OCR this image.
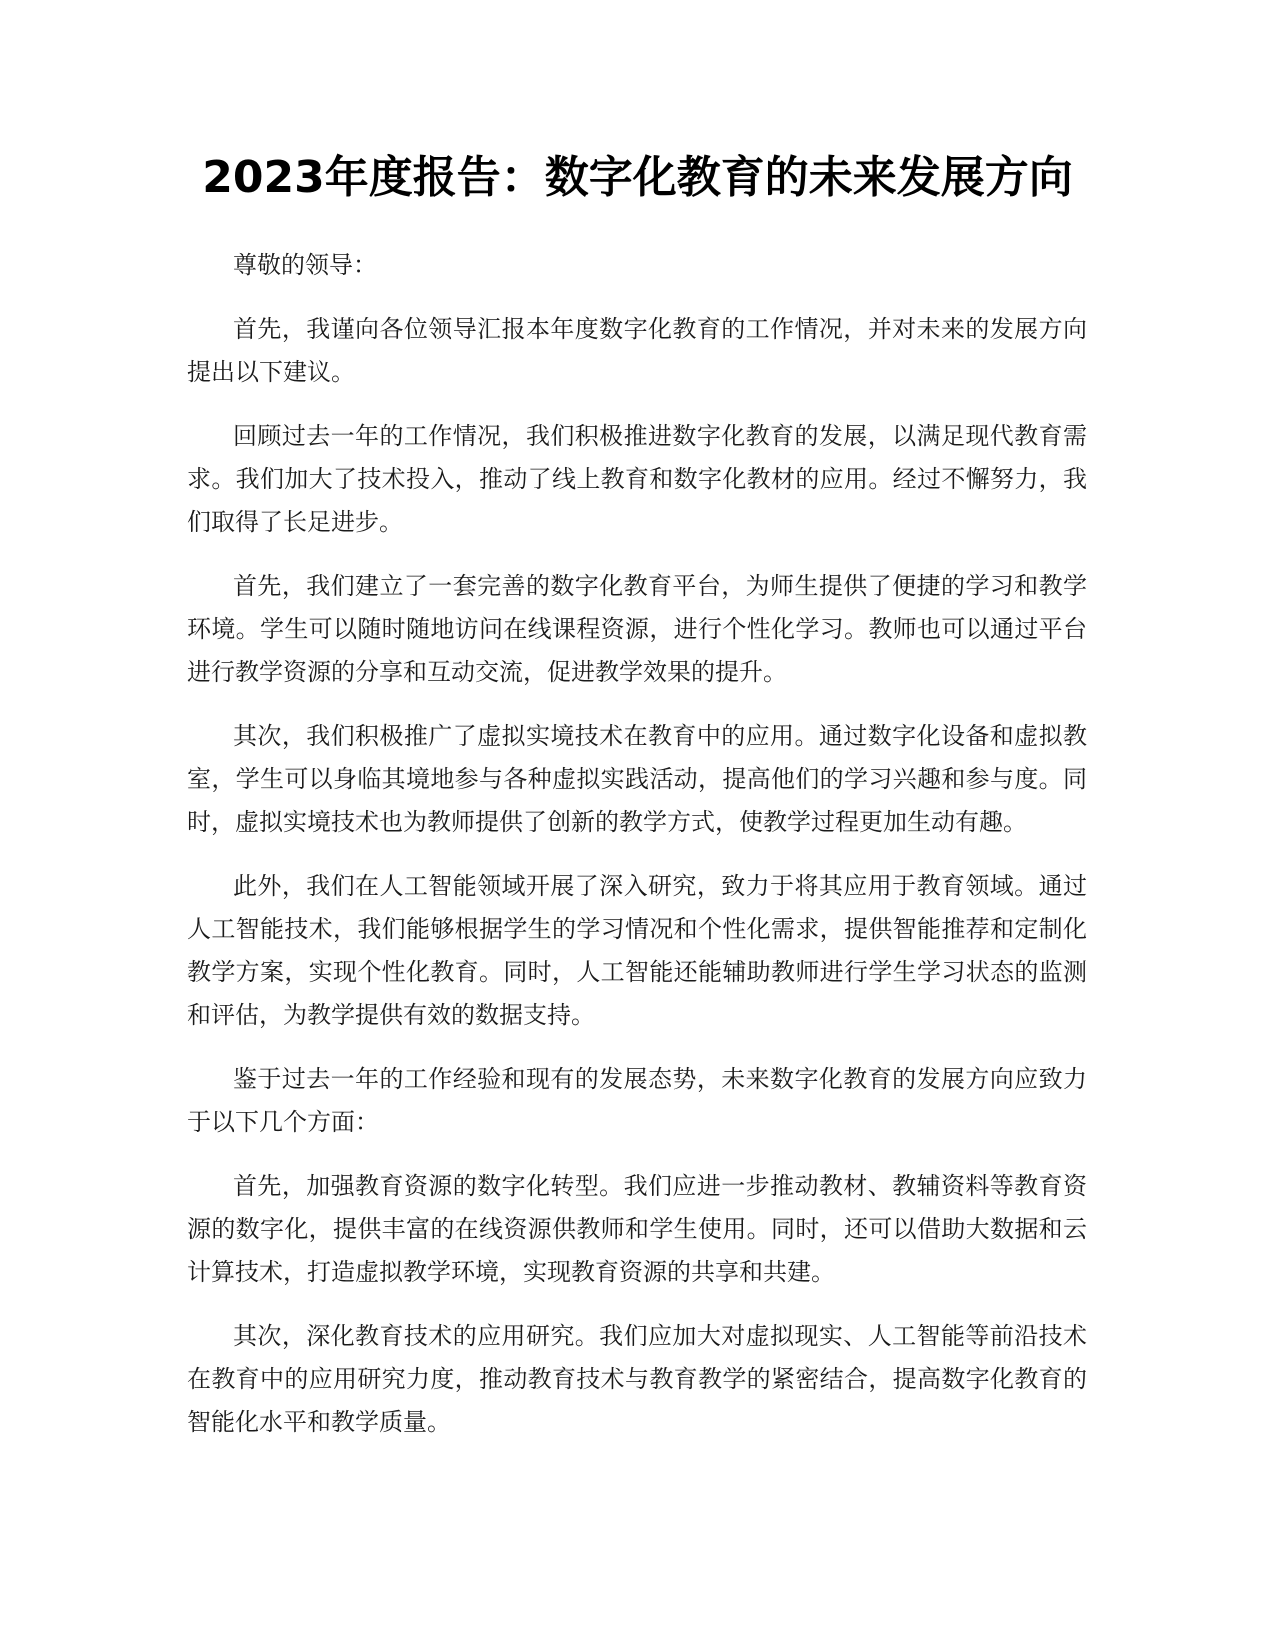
2023年度报告：数字化教育的未来发展方向

尊敬的领导：

首先，我谨向各位领导汇报本年度数字化教育的工作情况，并对未来的发展方向提出以下建议。

回顾过去一年的工作情况，我们积极推进数字化教育的发展，以满足现代教育需求。我们加大了技术投入，推动了线上教育和数字化教材的应用。经过不懈努力，我们取得了长足进步。

首先，我们建立了一套完善的数字化教育平台，为师生提供了便捷的学习和教学环境。学生可以随时随地访问在线课程资源，进行个性化学习。教师也可以通过平台进行教学资源的分享和互动交流，促进教学效果的提升。

其次，我们积极推广了虚拟实境技术在教育中的应用。通过数字化设备和虚拟教室，学生可以身临其境地参与各种虚拟实践活动，提高他们的学习兴趣和参与度。同时，虚拟实境技术也为教师提供了创新的教学方式，使教学过程更加生动有趣。

此外，我们在人工智能领域开展了深入研究，致力于将其应用于教育领域。通过人工智能技术，我们能够根据学生的学习情况和个性化需求，提供智能推荐和定制化教学方案，实现个性化教育。同时，人工智能还能辅助教师进行学生学习状态的监测和评估，为教学提供有效的数据支持。

鉴于过去一年的工作经验和现有的发展态势，未来数字化教育的发展方向应致力于以下几个方面：

首先，加强教育资源的数字化转型。我们应进一步推动教材、教辅资料等教育资源的数字化，提供丰富的在线资源供教师和学生使用。同时，还可以借助大数据和云计算技术，打造虚拟教学环境，实现教育资源的共享和共建。

其次，深化教育技术的应用研究。我们应加大对虚拟现实、人工智能等前沿技术在教育中的应用研究力度，推动教育技术与教育教学的紧密结合，提高数字化教育的智能化水平和教学质量。
